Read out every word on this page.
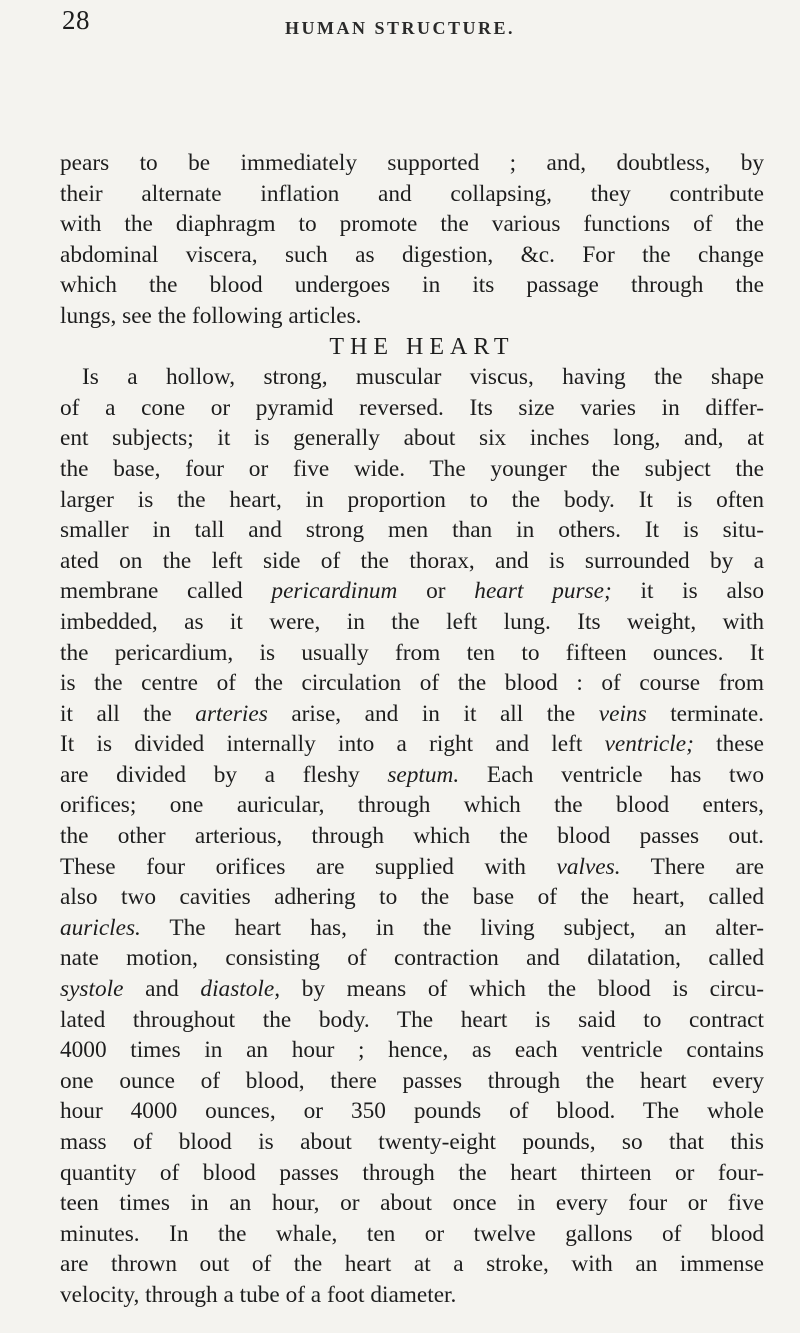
28	HUMAN STRUCTURE.
pears to be immediately supported ; and, doubtless, by
their alternate inflation and collapsing, they contribute
with the diaphragm to promote the various functions of the
abdominal viscera, such as digestion, &c. For the change
which the blood undergoes in its passage through the
lungs, see the following articles.
THE HEART
Is a hollow, strong, muscular viscus, having the shape
of a cone or pyramid reversed. Its size varies in differ-
ent subjects; it is generally about six inches long, and, at
the base, four or five wide. The younger the subject the
larger is the heart, in proportion to the body. It is often
smaller in tall and strong men than in others. It is situ-
ated on the left side of the thorax, and is surrounded by a
membrane called pericardinum or heart purse; it is also
imbedded, as it were, in the left lung. Its weight, with
the pericardium, is usually from ten to fifteen ounces. It
is the centre of the circulation of the blood : of course from
it all the arteries arise, and in it all the veins terminate.
It is divided internally into a right and left ventricle; these
are divided by a fleshy septum. Each ventricle has two
orifices; one auricular, through which the blood enters,
the other arterious, through which the blood passes out.
These four orifices are supplied with valves. There are
also two cavities adhering to the base of the heart, called
auricles. The heart has, in the living subject, an alter-
nate motion, consisting of contraction and dilatation, called
systole and diastole, by means of which the blood is circu-
lated throughout the body. The heart is said to contract
4000 times in an hour ; hence, as each ventricle contains
one ounce of blood, there passes through the heart every
hour 4000 ounces, or 350 pounds of blood. The whole
mass of blood is about twenty-eight pounds, so that this
quantity of blood passes through the heart thirteen or four-
teen times in an hour, or about once in every four or five
minutes. In the whale, ten or twelve gallons of blood
are thrown out of the heart at a stroke, with an immense
velocity, through a tube of a foot diameter.
